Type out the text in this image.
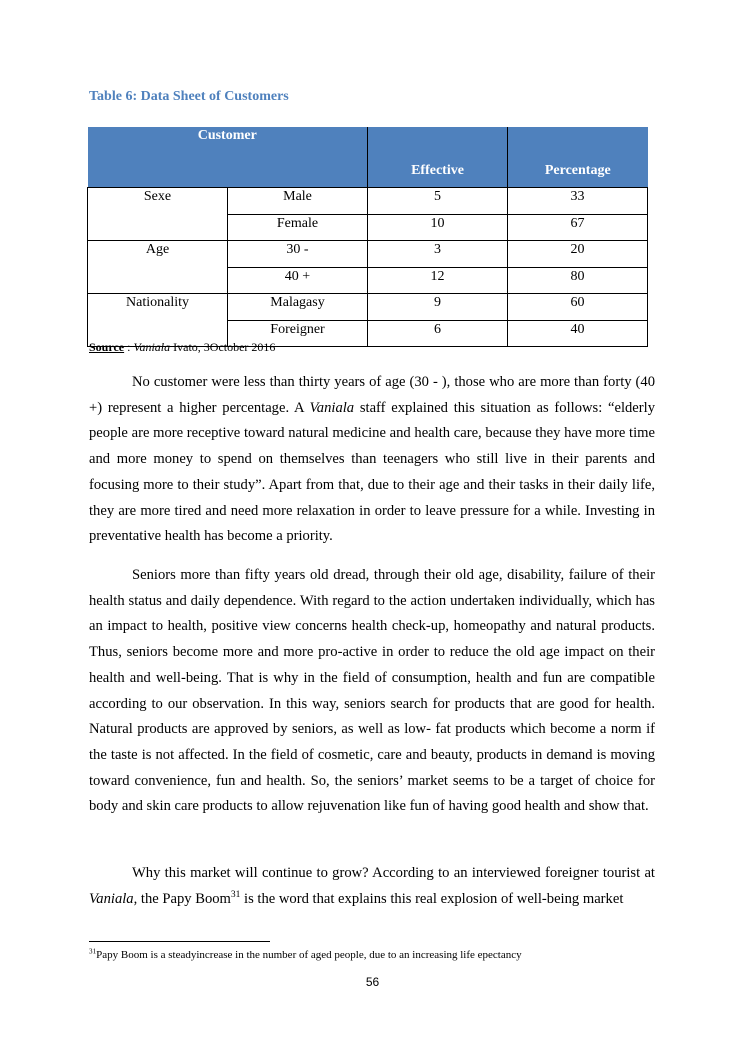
Table 6: Data Sheet of Customers
Customer		Effective	Percentage
Sexe	Male	5	33
	Female	10	67
Age	30 -	3	20
	40 +	12	80
Nationality	Malagasy	9	60
	Foreigner	6	40
Source : Vaniala Ivato, 3October 2016

No customer were less than thirty years of age (30 - ), those who are more than forty (40 +) represent a higher percentage. A Vaniala staff explained this situation as follows: “elderly people are more receptive toward natural medicine and health care, because they have more time and more money to spend on themselves than teenagers who still live in their parents and focusing more to their study”. Apart from that, due to their age and their tasks in their daily life, they are more tired and need more relaxation in order to leave pressure for a while. Investing in preventative health has become a priority.

Seniors more than fifty years old dread, through their old age, disability, failure of their health status and daily dependence. With regard to the action undertaken individually, which has an impact to health, positive view concerns health check-up, homeopathy and natural products. Thus, seniors become more and more pro-active in order to reduce the old age impact on their health and well-being. That is why in the field of consumption, health and fun are compatible according to our observation. In this way, seniors search for products that are good for health. Natural products are approved by seniors, as well as low- fat products which become a norm if the taste is not affected. In the field of cosmetic, care and beauty, products in demand is moving toward convenience, fun and health. So, the seniors’ market seems to be a target of choice for body and skin care products to allow rejuvenation like fun of having good health and show that.

Why this market will continue to grow? According to an interviewed foreigner tourist at Vaniala, the Papy Boom$^{31}$ is the word that explains this real explosion of well-being market

$^{31}$Papy Boom is a steadyincrease in the number of aged people, due to an increasing life epectancy
56
